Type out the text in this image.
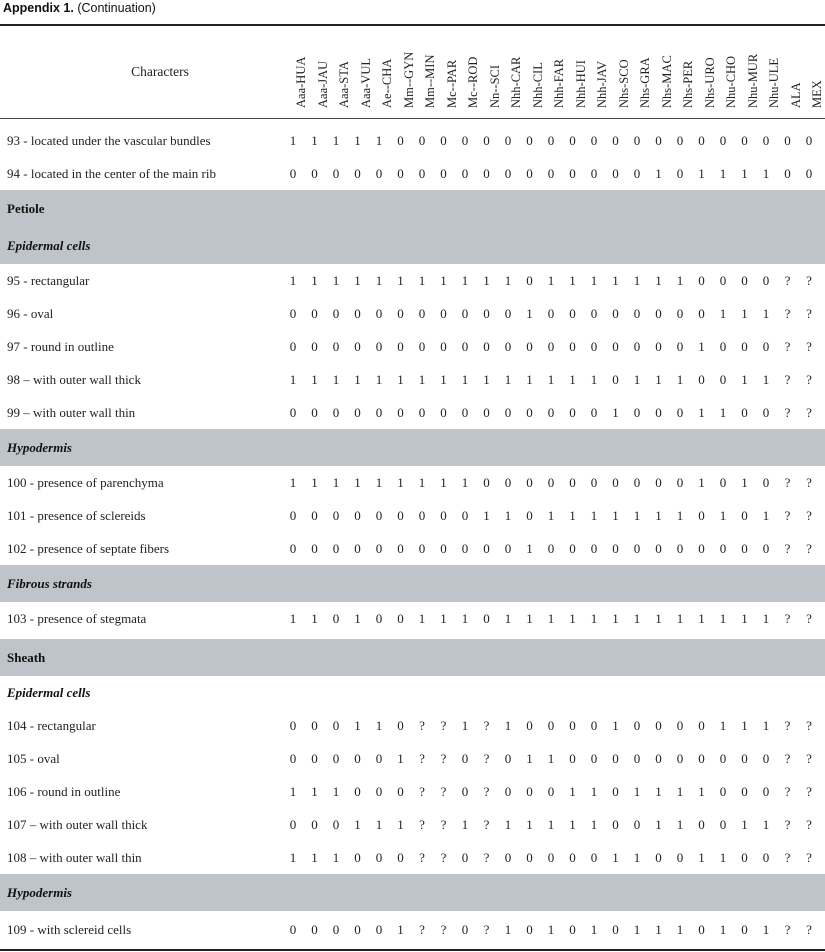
Appendix 1. (Continuation)
Characters	Aaa-HUA Aaa-JAU Aaa-STA Aaa-VUL Ae--CHA Mm--GYN Mm--MIN Mc--PAR Mc--ROD Nn--SCI Nhh-CAR Nhh-CIL Nhh-FAR Nhh-HUI Nhh-JAV Nhs-SCO Nhs-GRA Nhs-MAC Nhs-PER Nhs-URO Nhu-CHO Nhu-MUR Nhu-ULE ALA MEX
93 - located under the vascular bundles	1	1	1	1	1	0	0	0	0	0	0	0	0	0	0	0	0	0	0	0	0	0	0	0	0
94 - located in the center of the main rib	0	0	0	0	0	0	0	0	0	0	0	0	0	0	0	0	0	1	0	1	1	1	1	0	0
Petiole
Epidermal cells
95 - rectangular	1	1	1	1	1	1	1	1	1	1	1	0	1	1	1	1	1	1	1	0	0	0	0	?	?
96 - oval	0	0	0	0	0	0	0	0	0	0	0	1	0	0	0	0	0	0	0	0	1	1	1	?	?
97 - round in outline	0	0	0	0	0	0	0	0	0	0	0	0	0	0	0	0	0	0	0	1	0	0	0	?	?
98 – with outer wall thick	1	1	1	1	1	1	1	1	1	1	1	1	1	1	1	0	1	1	1	0	0	1	1	?	?
99 – with outer wall thin	0	0	0	0	0	0	0	0	0	0	0	0	0	0	0	1	0	0	0	1	1	0	0	?	?
Hypodermis
100 - presence of parenchyma	1	1	1	1	1	1	1	1	1	0	0	0	0	0	0	0	0	0	0	1	0	1	0	?	?
101 - presence of sclereids	0	0	0	0	0	0	0	0	0	1	1	0	1	1	1	1	1	1	1	0	1	0	1	?	?
102 - presence of septate fibers	0	0	0	0	0	0	0	0	0	0	0	1	0	0	0	0	0	0	0	0	0	0	0	?	?
Fibrous strands
103 - presence of stegmata	1	1	0	1	0	0	1	1	1	0	1	1	1	1	1	1	1	1	1	1	1	1	1	?	?
Sheath
Epidermal cells
104 - rectangular	0	0	0	1	1	0	?	?	1	?	1	0	0	0	0	1	0	0	0	0	1	1	1	?	?
105 - oval	0	0	0	0	0	1	?	?	0	?	0	1	1	0	0	0	0	0	0	0	0	0	0	?	?
106 - round in outline	1	1	1	0	0	0	?	?	0	?	0	0	0	1	1	0	1	1	1	1	0	0	0	?	?
107 – with outer wall thick	0	0	0	1	1	1	?	?	1	?	1	1	1	1	1	0	0	1	1	0	0	1	1	?	?
108 – with outer wall thin	1	1	1	0	0	0	?	?	0	?	0	0	0	0	0	1	1	0	0	1	1	0	0	?	?
Hypodermis
109 - with sclereid cells	0	0	0	0	0	1	?	?	0	?	1	0	1	0	1	0	1	1	1	0	1	0	1	?	?
